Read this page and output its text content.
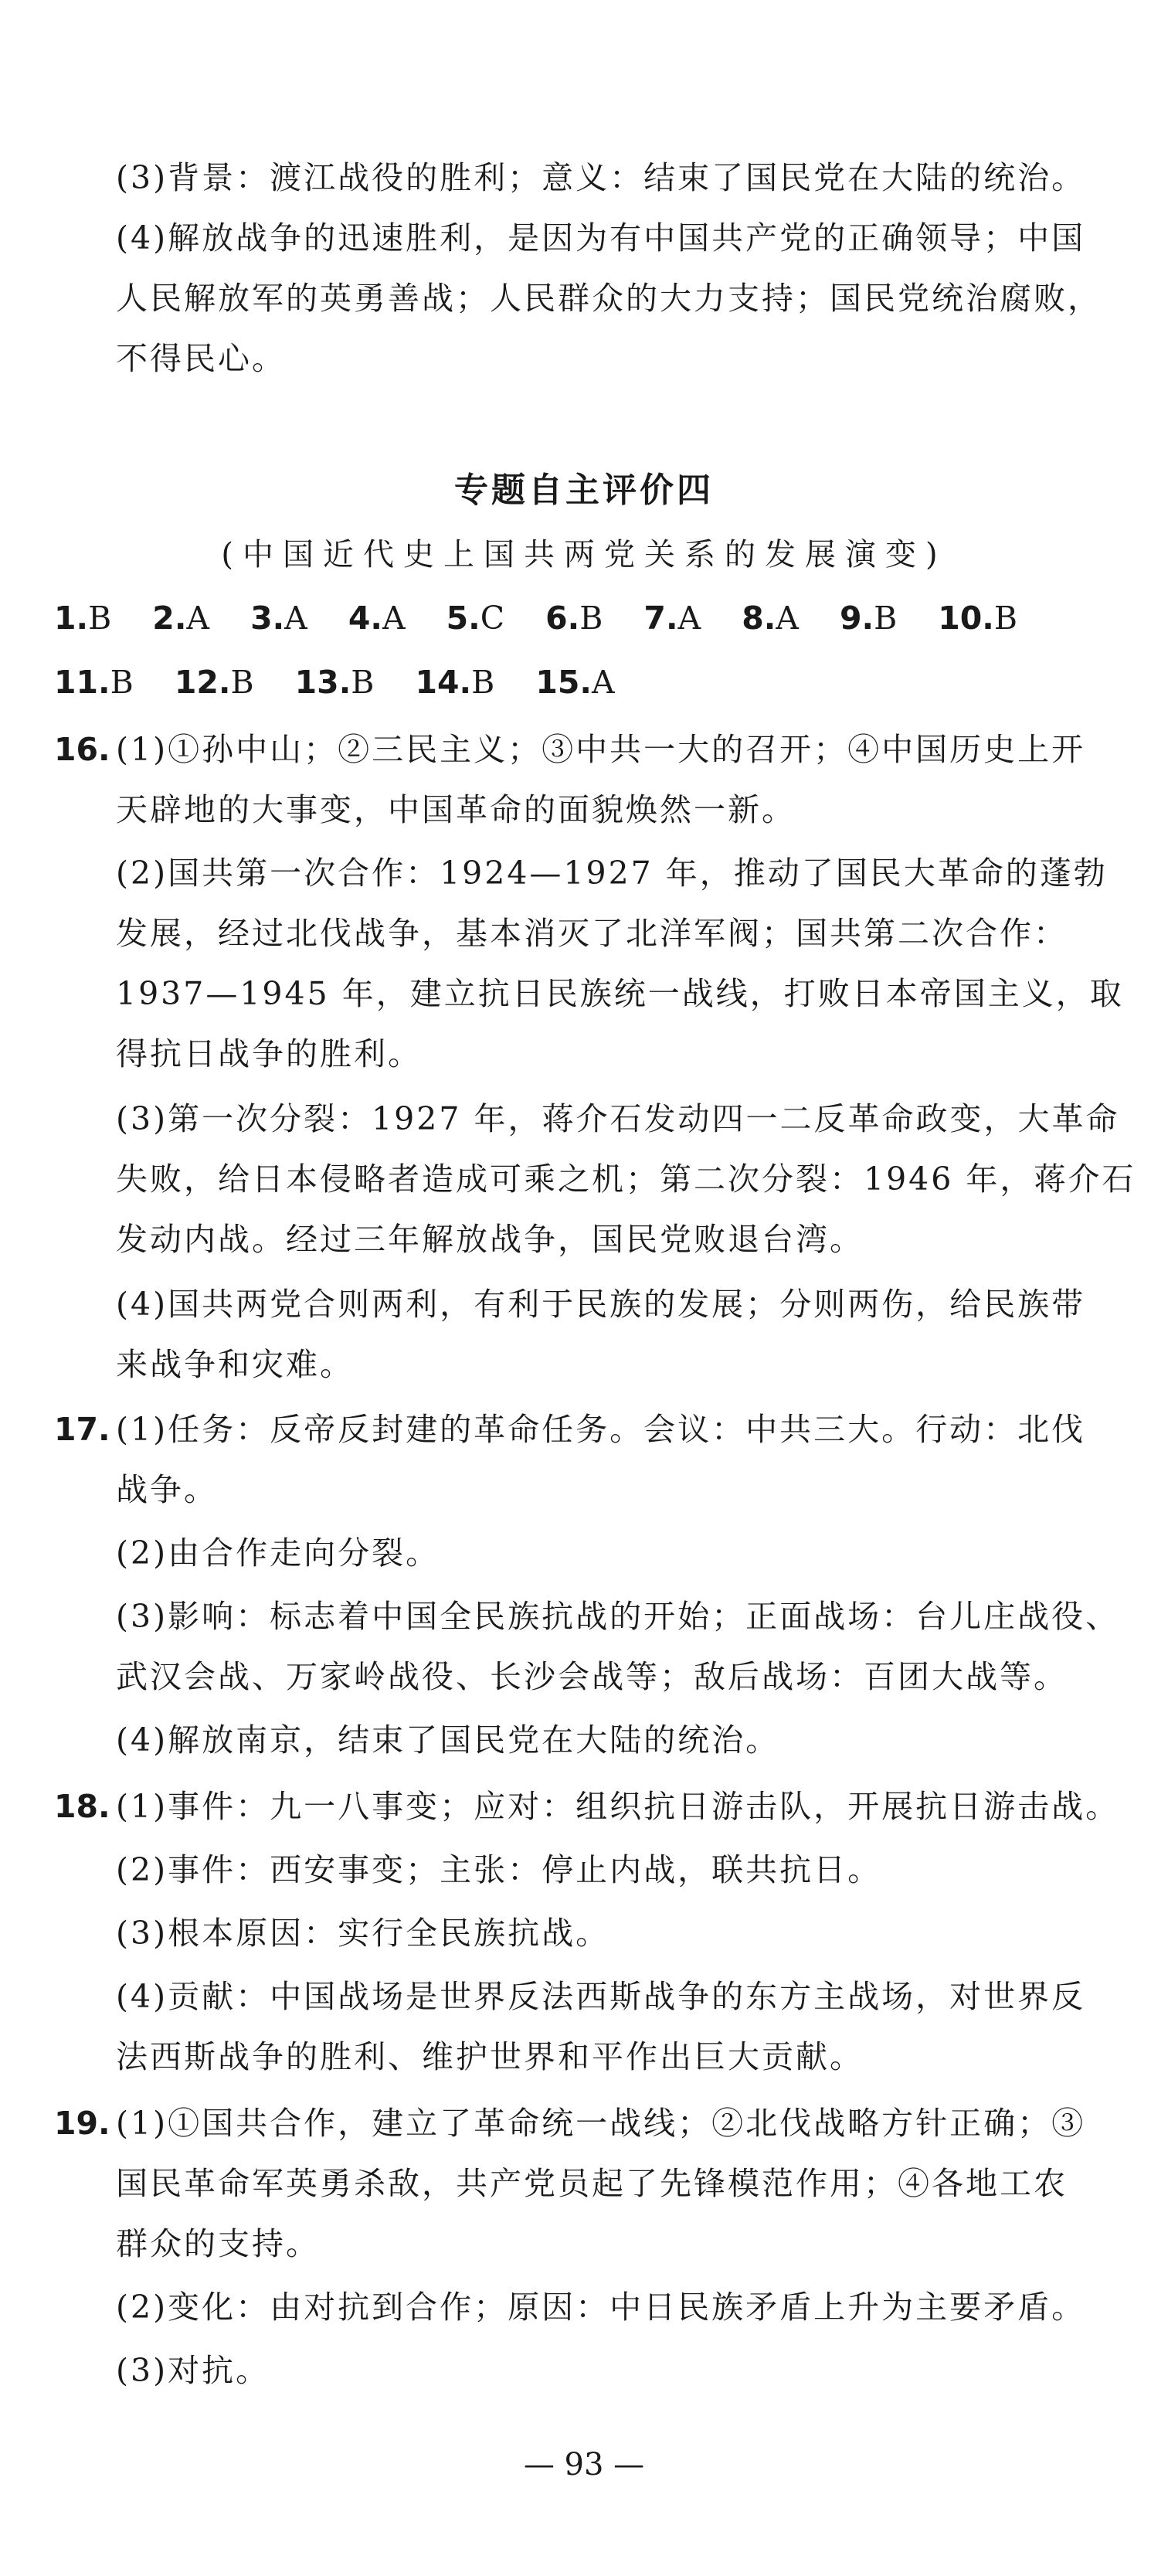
(3)背景：渡江战役的胜利；意义：结束了国民党在大陆的统治。
(4)解放战争的迅速胜利，是因为有中国共产党的正确领导；中国
人民解放军的英勇善战；人民群众的大力支持；国民党统治腐败，
不得民心。
专题自主评价四
(中国近代史上国共两党关系的发展演变)
1.B 2.A 3.A 4.A 5.C 6.B 7.A 8.A 9.B 10.B
11.B 12.B 13.B 14.B 15.A
16. (1)①孙中山；②三民主义；③中共一大的召开；④中国历史上开
天辟地的大事变，中国革命的面貌焕然一新。
(2)国共第一次合作：1924—1927 年，推动了国民大革命的蓬勃
发展，经过北伐战争，基本消灭了北洋军阀；国共第二次合作：
1937—1945 年，建立抗日民族统一战线，打败日本帝国主义，取
得抗日战争的胜利。
(3)第一次分裂：1927 年，蒋介石发动四一二反革命政变，大革命
失败，给日本侵略者造成可乘之机；第二次分裂：1946 年，蒋介石
发动内战。经过三年解放战争，国民党败退台湾。
(4)国共两党合则两利，有利于民族的发展；分则两伤，给民族带
来战争和灾难。
17. (1)任务：反帝反封建的革命任务。会议：中共三大。行动：北伐
战争。
(2)由合作走向分裂。
(3)影响：标志着中国全民族抗战的开始；正面战场：台儿庄战役、
武汉会战、万家岭战役、长沙会战等；敌后战场：百团大战等。
(4)解放南京，结束了国民党在大陆的统治。
18. (1)事件：九一八事变；应对：组织抗日游击队，开展抗日游击战。
(2)事件：西安事变；主张：停止内战，联共抗日。
(3)根本原因：实行全民族抗战。
(4)贡献：中国战场是世界反法西斯战争的东方主战场，对世界反
法西斯战争的胜利、维护世界和平作出巨大贡献。
19. (1)①国共合作，建立了革命统一战线；②北伐战略方针正确；③
国民革命军英勇杀敌，共产党员起了先锋模范作用；④各地工农
群众的支持。
(2)变化：由对抗到合作；原因：中日民族矛盾上升为主要矛盾。
(3)对抗。
— 93 —
